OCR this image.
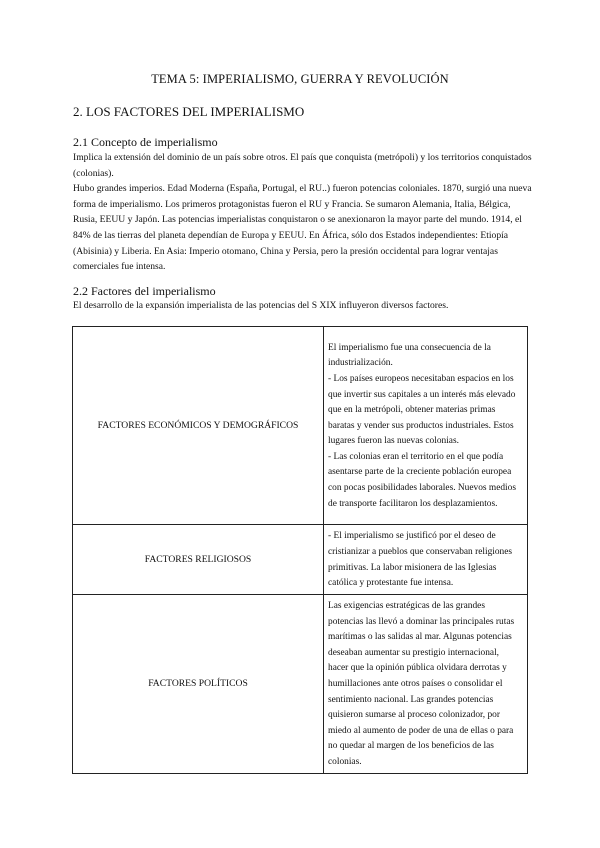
TEMA 5: IMPERIALISMO, GUERRA Y REVOLUCIÓN
2. LOS FACTORES DEL IMPERIALISMO
2.1 Concepto de imperialismo

Implica la extensión del dominio de un país sobre otros. El país que conquista (metrópoli) y los territorios conquistados (colonias).

Hubo grandes imperios. Edad Moderna (España, Portugal, el RU..) fueron potencias coloniales. 1870, surgió una nueva forma de imperialismo. Los primeros protagonistas fueron el RU y Francia. Se sumaron Alemania, Italia, Bélgica, Rusia, EEUU y Japón. Las potencias imperialistas conquistaron o se anexionaron la mayor parte del mundo. 1914, el 84% de las tierras del planeta dependían de Europa y EEUU. En África, sólo dos Estados independientes: Etiopía (Abisinia) y Liberia. En Asia: Imperio otomano, China y Persia, pero la presión occidental para lograr ventajas comerciales fue intensa.

2.2 Factores del imperialismo

El desarrollo de la expansión imperialista de las potencias del S XIX influyeron diversos factores.

FACTORES ECONÓMICOS Y DEMOGRÁFICOS	El imperialismo fue una consecuencia de la industrialización.

- Los países europeos necesitaban espacios en los que invertir sus capitales a un interés más elevado que en la metrópoli, obtener materias primas baratas y vender sus productos industriales. Estos lugares fueron las nuevas colonias.

- Las colonias eran el territorio en el que podía asentarse parte de la creciente población europea con pocas posibilidades laborales. Nuevos medios de transporte facilitaron los desplazamientos.

FACTORES RELIGIOSOS	- El imperialismo se justificó por el deseo de cristianizar a pueblos que conservaban religiones primitivas. La labor misionera de las Iglesias católica y protestante fue intensa.

FACTORES POLÍTICOS	Las exigencias estratégicas de las grandes potencias las llevó a dominar las principales rutas marítimas o las salidas al mar. Algunas potencias deseaban aumentar su prestigio internacional, hacer que la opinión pública olvidara derrotas y humillaciones ante otros países o consolidar el sentimiento nacional. Las grandes potencias quisieron sumarse al proceso colonizador, por miedo al aumento de poder de una de ellas o para no quedar al margen de los beneficios de las colonias.
